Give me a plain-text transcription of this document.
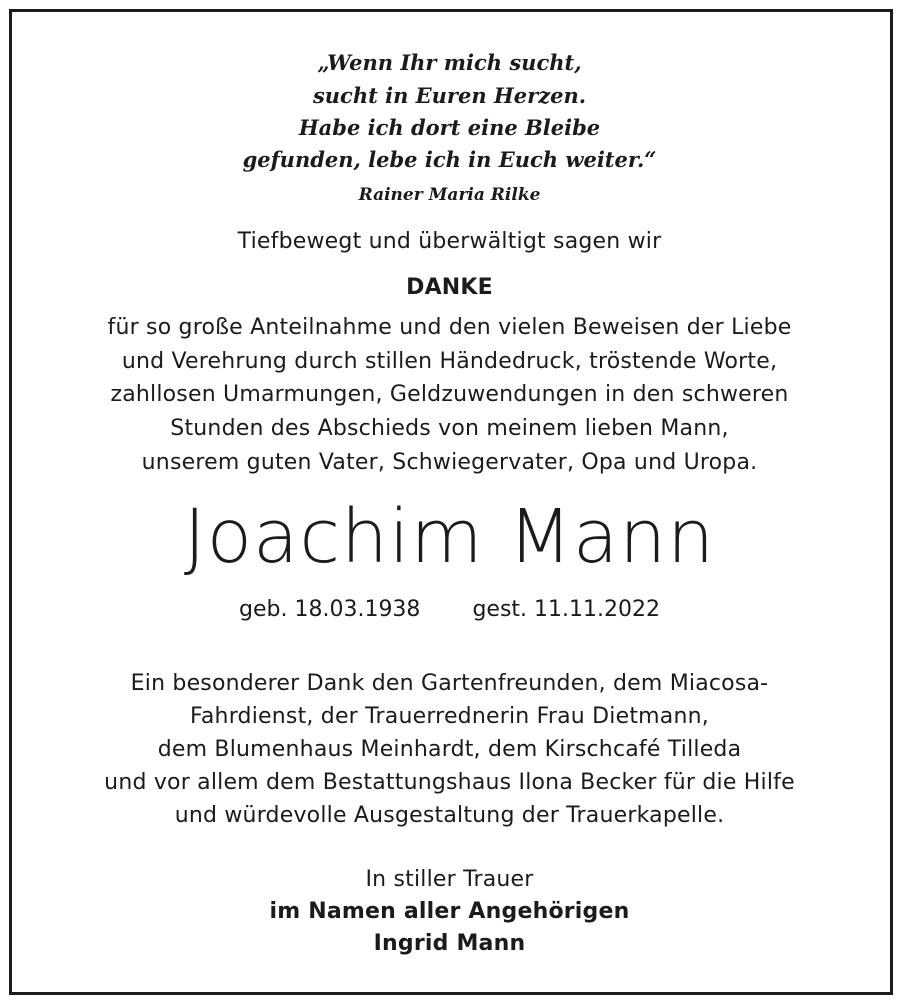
„Wenn Ihr mich sucht,
sucht in Euren Herzen.
Habe ich dort eine Bleibe
gefunden, lebe ich in Euch weiter.“
Rainer Maria Rilke
Tiefbewegt und überwältigt sagen wir
DANKE
für so große Anteilnahme und den vielen Beweisen der Liebe
und Verehrung durch stillen Händedruck, tröstende Worte,
zahllosen Umarmungen, Geldzuwendungen in den schweren
Stunden des Abschieds von meinem lieben Mann,
unserem guten Vater, Schwiegervater, Opa und Uropa.
Joachim Mann
geb. 18.03.1938 gest. 11.11.2022
Ein besonderer Dank den Gartenfreunden, dem Miacosa-
Fahrdienst, der Trauerrednerin Frau Dietmann,
dem Blumenhaus Meinhardt, dem Kirschcafé Tilleda
und vor allem dem Bestattungshaus Ilona Becker für die Hilfe
und würdevolle Ausgestaltung der Trauerkapelle.
In stiller Trauer
im Namen aller Angehörigen
Ingrid Mann
